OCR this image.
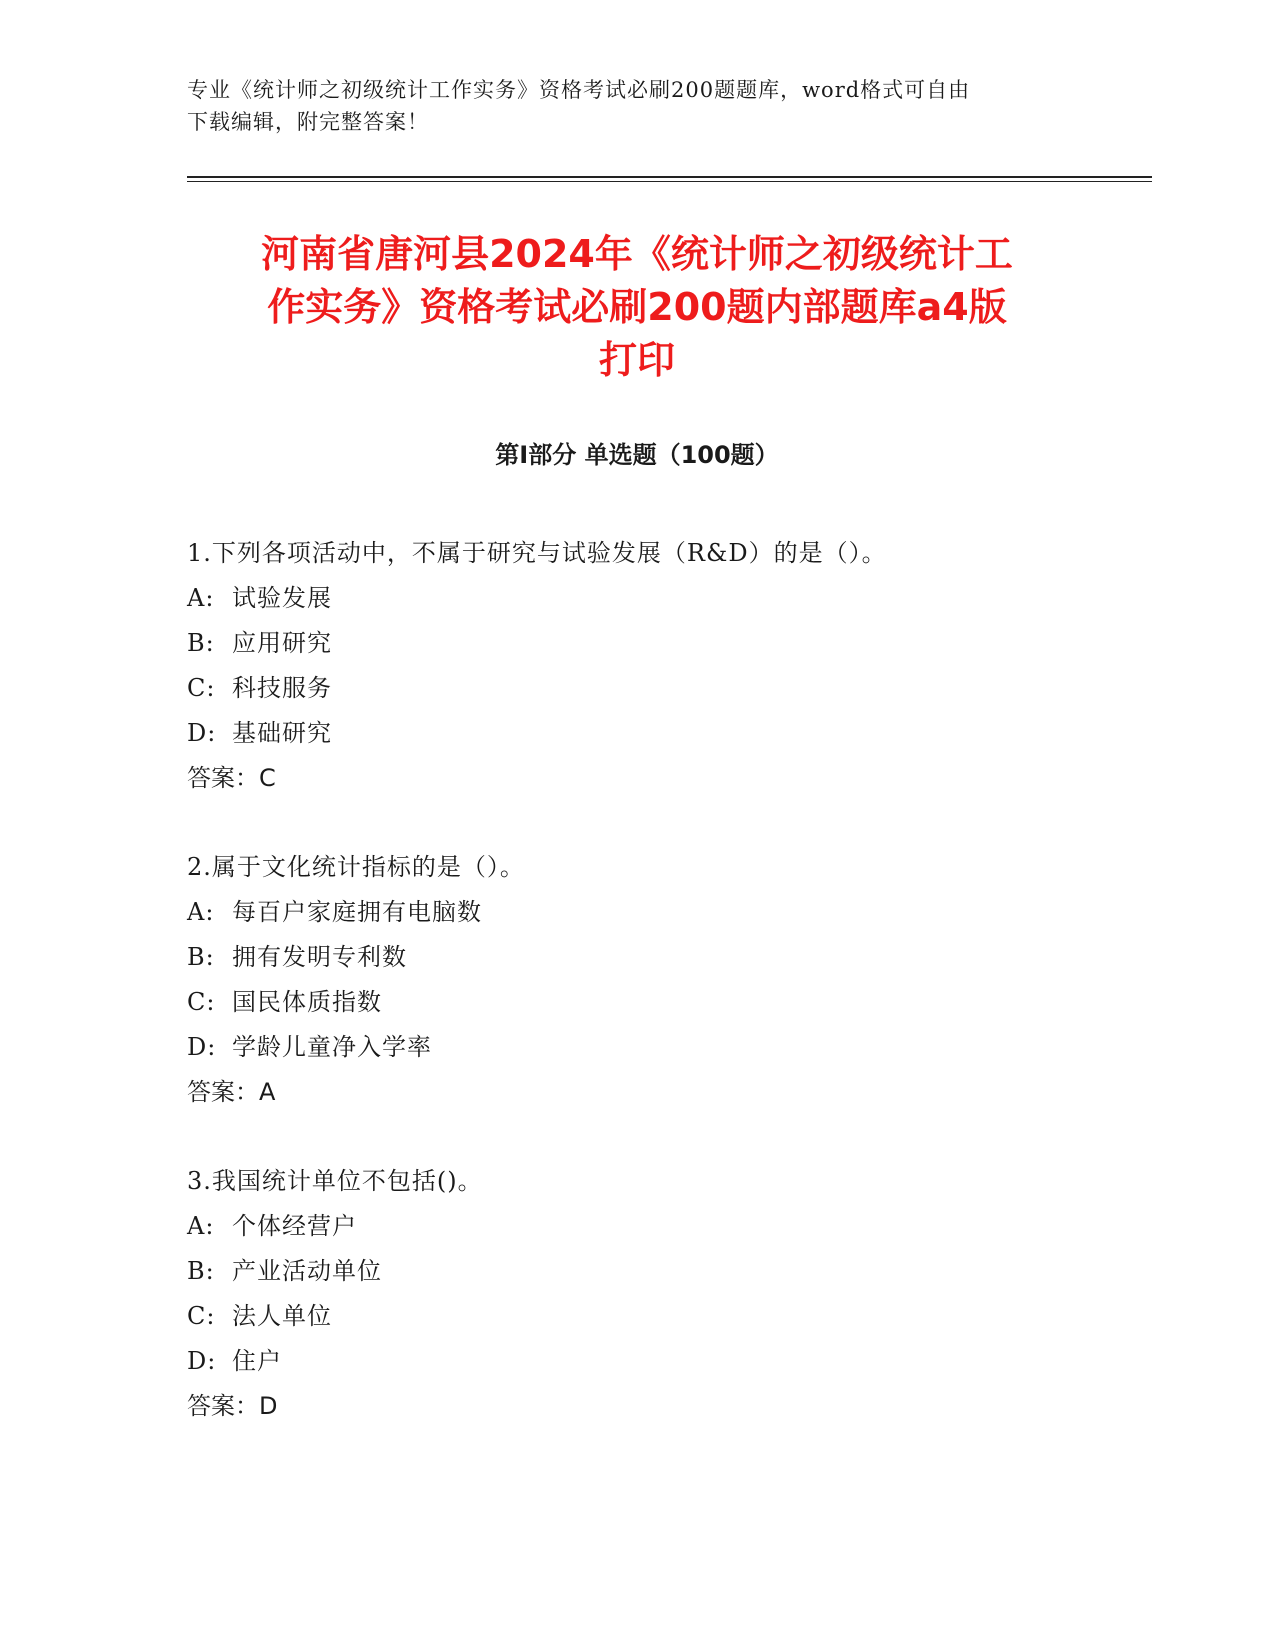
专业《统计师之初级统计工作实务》资格考试必刷200题题库，word格式可自由
下载编辑，附完整答案！
河南省唐河县2024年《统计师之初级统计工
作实务》资格考试必刷200题内部题库a4版
打印
第Ⅰ部分 单选题（100题）
1.下列各项活动中，不属于研究与试验发展（R&D）的是（）。
A: 试验发展
B: 应用研究
C: 科技服务
D: 基础研究
答案：C
2.属于文化统计指标的是（）。
A: 每百户家庭拥有电脑数
B: 拥有发明专利数
C: 国民体质指数
D: 学龄儿童净入学率
答案：A
3.我国统计单位不包括()。
A: 个体经营户
B: 产业活动单位
C: 法人单位
D: 住户
答案：D
